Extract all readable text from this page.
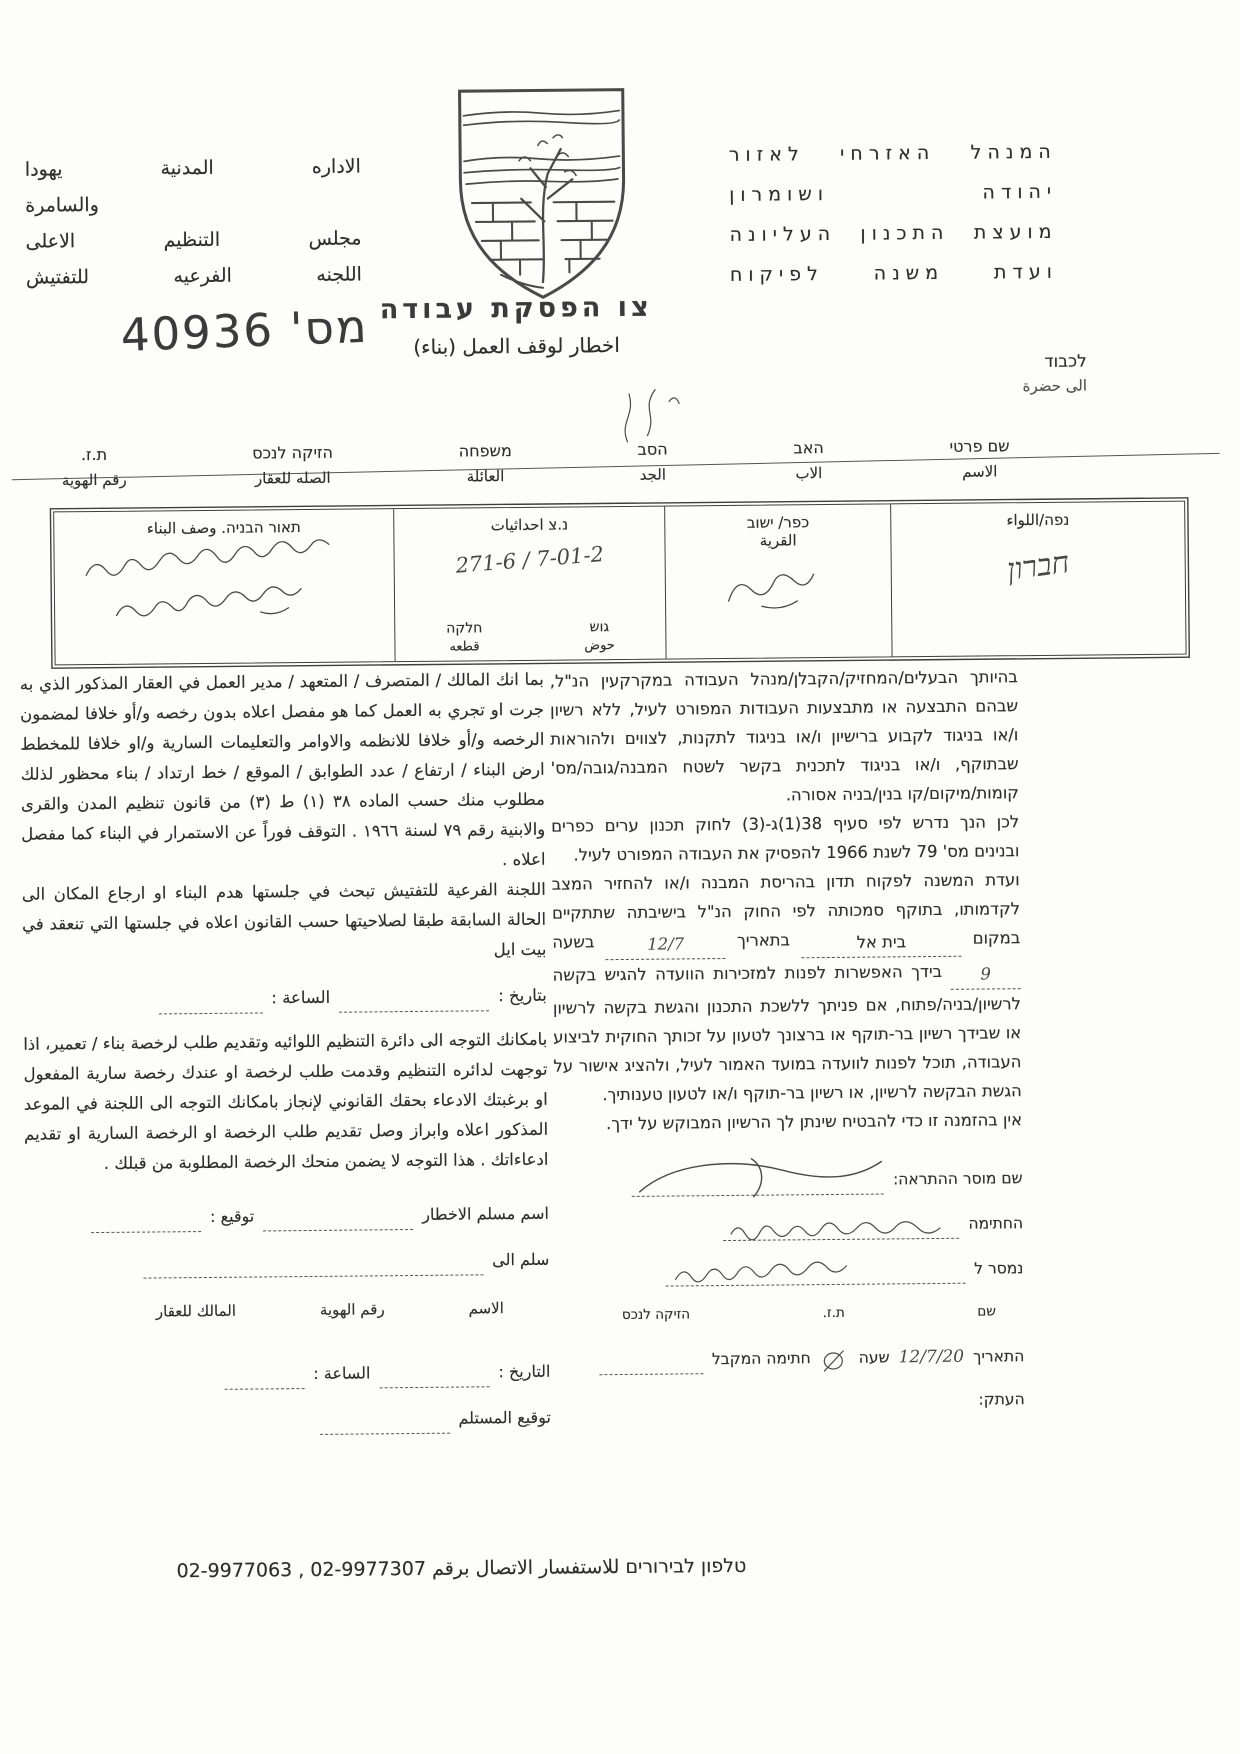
המנהל האזרחי לאזור
יהודה ושומרון
מועצת התכנון העליונה
ועדת משנה לפיקוח
الاداره المدنية يهودا
والسامرة
مجلس التنظيم الاعلى
اللجنه الفرعيه للتفتيش
צו הפסקת עבודה
اخطار لوقف العمل (بناء)
מס' 40936	לכבוד
الى حضرة
שם פרטי
الاسم
האב
الاب
הסב
الجد
משפחה
العائلة
הזיקה לנכס
الصله للعقار
ת.ז.
رقم الهوية
נפה/اللواء
חברון
כפר/ ישוב
القرية
נ.צ احداثيات
271-6 / 7-01-2
גוש
حوض
חלקה
قطعه
תאור הבניה. وصف البناء

בהיותך הבעלים/המחזיק/הקבלן/מנהל העבודה במקרקעין הנ"ל, שבהם התבצעה או מתבצעות העבודות המפורט לעיל, ללא רשיון ו/או בניגוד לקבוע ברישיון ו/או בניגוד לתקנות, לצווים ולהוראות שבתוקף, ו/או בניגוד לתכנית בקשר לשטח המבנה/גובה/מס' קומות/מיקום/קו בנין/בניה אסורה.

לכן הנך נדרש לפי סעיף 38(1)ג-(3) לחוק תכנון ערים כפרים ובנינים מס' 79 לשנת 1966 להפסיק את העבודה המפורט לעיל.

ועדת המשנה לפקוח תדון בהריסת המבנה ו/או להחזיר המצב לקדמותו, בתוקף סמכותה לפי החוק הנ"ל בישיבתה שתתקיים במקום בית אל בתאריך 12/7 בשעה 9 בידך האפשרות לפנות למזכירות הוועדה להגיש בקשה לרשיון/בניה/פתוח, אם פניתך ללשכת התכנון והגשת בקשה לרשיון או שבידך רשיון בר-תוקף או ברצונך לטעון על זכותך החוקית לביצוע העבודה, תוכל לפנות לוועדה במועד האמור לעיל, ולהציג אישור על הגשת הבקשה לרשיון, או רשיון בר-תוקף ו/או לטעון טענותיך.

אין בהזמנה זו כדי להבטיח שינתן לך הרשיון המבוקש על ידך.

שם מוסר ההתראה:
החתימה
נמסר ל
שם
ת.ז.
הזיקה לנכס
התאריך
12/7/20
שעה
חתימה המקבל
העתק:

بما انك المالك / المتصرف / المتعهد / مدير العمل في العقار المذكور الذي به جرت او تجري به العمل كما هو مفصل اعلاه بدون رخصه و/أو خلافا لمضمون الرخصه و/أو خلافا للانظمه والاوامر والتعليمات السارية و/او خلافا للمخطط ارض البناء / ارتفاع / عدد الطوابق / الموقع / خط ارتداد / بناء محظور لذلك مطلوب منك حسب الماده ٣٨ (١) ط (٣) من قانون تنظيم المدن والقرى والابنية رقم ٧٩ لسنة ١٩٦٦ . التوقف فوراً عن الاستمرار في البناء كما مفصل اعلاه .

اللجنة الفرعية للتفتيش تبحث في جلستها هدم البناء او ارجاع المكان الى الحالة السابقة طبقا لصلاحيتها حسب القانون اعلاه في جلستها التي تنعقد في بيت ايل

بتاريخ :
الساعة :

بامكانك التوجه الى دائرة التنظيم اللوائيه وتقديم طلب لرخصة بناء / تعمير، اذا توجهت لدائره التنظيم وقدمت طلب لرخصة او عندك رخصة سارية المفعول او برغبتك الادعاء بحقك القانوني لإنجاز بامكانك التوجه الى اللجنة في الموعد المذكور اعلاه وابراز وصل تقديم طلب الرخصة او الرخصة السارية او تقديم ادعاءاتك . هذا التوجه لا يضمن منحك الرخصة المطلوبة من قبلك .

اسم مسلم الاخطار
توقيع :
سلم الى
الاسم
رقم الهوية
المالك للعقار
التاريخ :
الساعة :
توقيع المستلم
טלפון לבירורים للاستفسار الاتصال برقم 02-9977063 , 02-9977307
